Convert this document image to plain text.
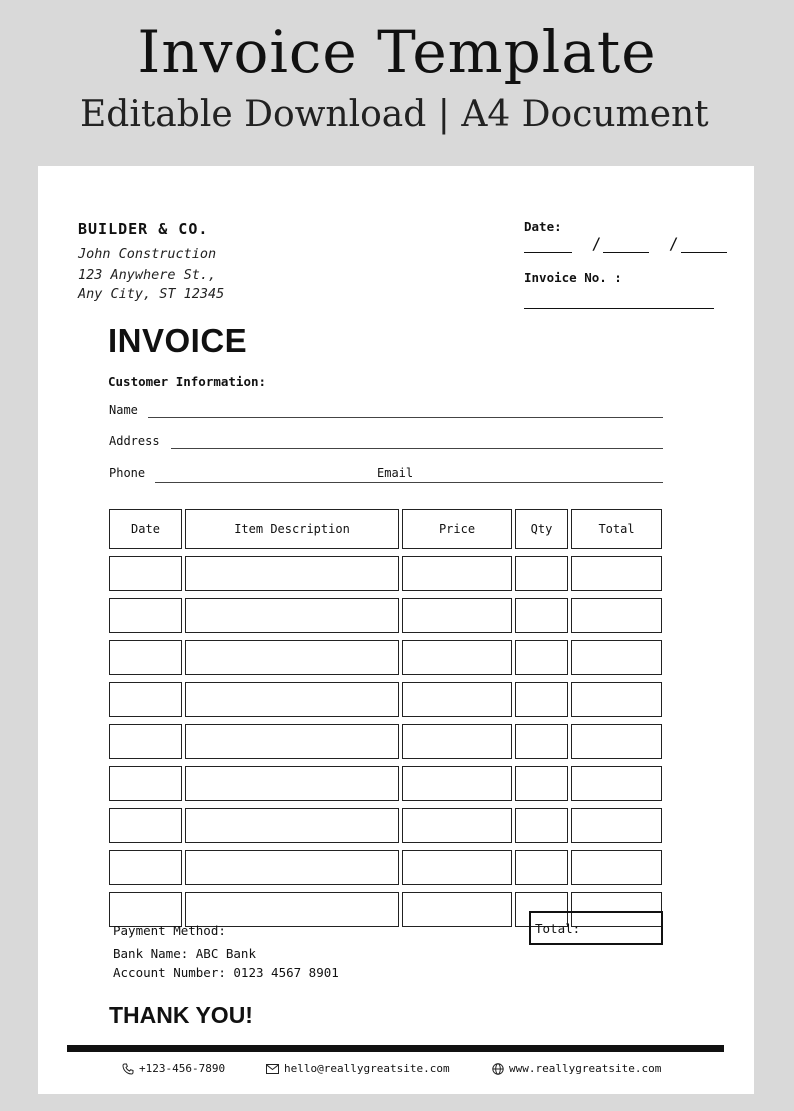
Invoice Template
Editable Download | A4 Document
BUILDER & CO.
John Construction
123 Anywhere St.,
Any City, ST 12345
Date:
/	/
Invoice No. :
INVOICE
Customer Information:
Name
Address
Phone	Email
Date	Item Description	Price	Qty	Total

Payment Method:
Bank Name: ABC Bank
Account Number: 0123 4567 8901
Total:
THANK YOU!
+123-456-7890	hello@reallygreatsite.com	www.reallygreatsite.com
